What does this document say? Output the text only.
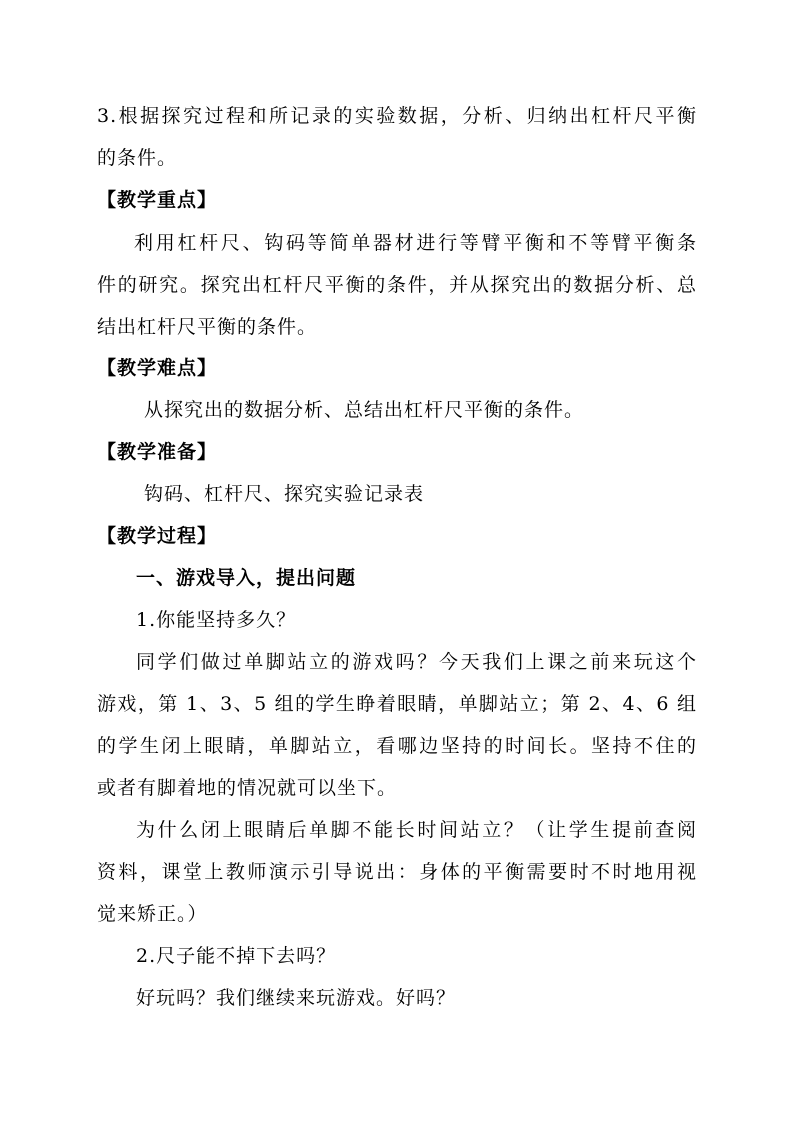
3.根据探究过程和所记录的实验数据，分析、归纳出杠杆尺平衡
的条件。
【教学重点】
利用杠杆尺、钩码等简单器材进行等臂平衡和不等臂平衡条
件的研究。探究出杠杆尺平衡的条件，并从探究出的数据分析、总
结出杠杆尺平衡的条件。
【教学难点】
从探究出的数据分析、总结出杠杆尺平衡的条件。
【教学准备】
钩码、杠杆尺、探究实验记录表
【教学过程】
一、游戏导入，提出问题
1.你能坚持多久？
同学们做过单脚站立的游戏吗？今天我们上课之前来玩这个
游戏，第 1、3、5 组的学生睁着眼睛，单脚站立；第 2、4、6 组
的学生闭上眼睛，单脚站立，看哪边坚持的时间长。坚持不住的
或者有脚着地的情况就可以坐下。
为什么闭上眼睛后单脚不能长时间站立？（让学生提前查阅
资料，课堂上教师演示引导说出：身体的平衡需要时不时地用视
觉来矫正。）
2.尺子能不掉下去吗？
好玩吗？我们继续来玩游戏。好吗？
